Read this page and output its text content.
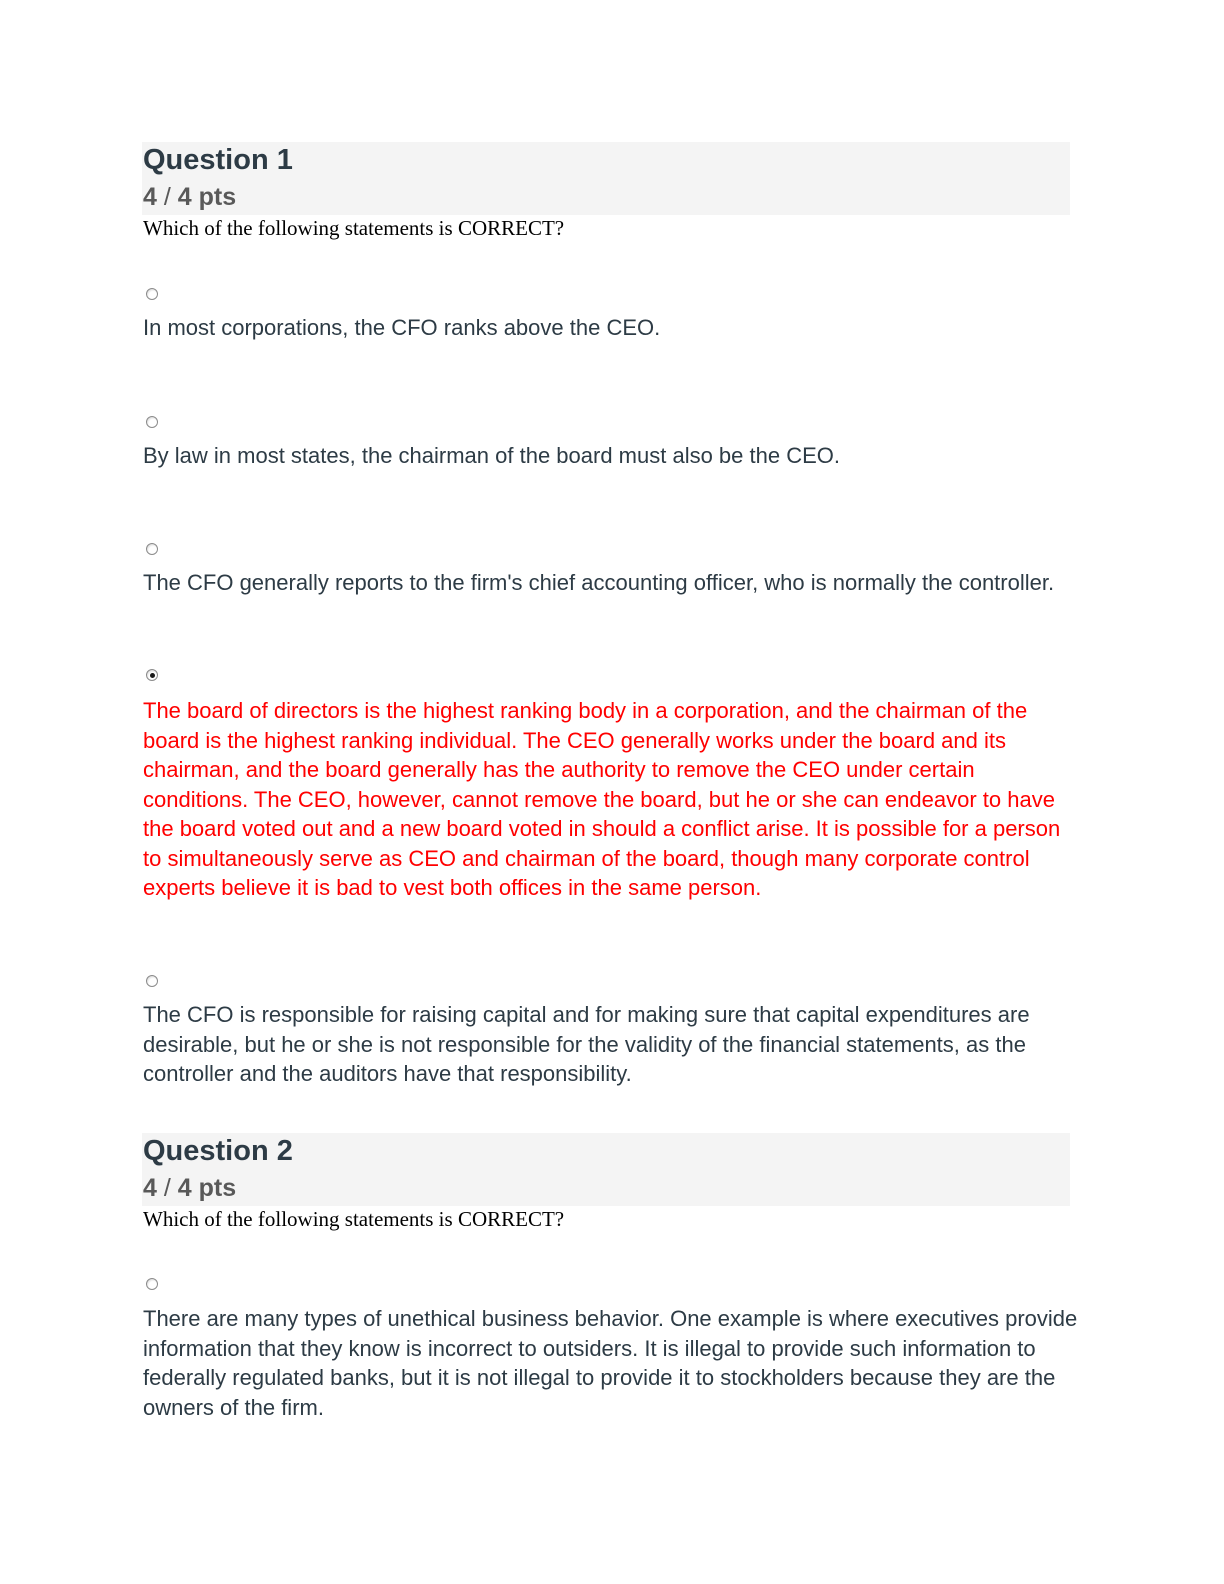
Question 1
4 / 4 pts
Which of the following statements is CORRECT?
In most corporations, the CFO ranks above the CEO.
By law in most states, the chairman of the board must also be the CEO.
The CFO generally reports to the firm's chief accounting officer, who is normally the controller.
The board of directors is the highest ranking body in a corporation, and the chairman of the board is the highest ranking individual. The CEO generally works under the board and its chairman, and the board generally has the authority to remove the CEO under certain conditions. The CEO, however, cannot remove the board, but he or she can endeavor to have the board voted out and a new board voted in should a conflict arise. It is possible for a person to simultaneously serve as CEO and chairman of the board, though many corporate control experts believe it is bad to vest both offices in the same person.
The CFO is responsible for raising capital and for making sure that capital expenditures are desirable, but he or she is not responsible for the validity of the financial statements, as the controller and the auditors have that responsibility.
Question 2
4 / 4 pts
Which of the following statements is CORRECT?
There are many types of unethical business behavior. One example is where executives provide information that they know is incorrect to outsiders. It is illegal to provide such information to federally regulated banks, but it is not illegal to provide it to stockholders because they are the owners of the firm.
